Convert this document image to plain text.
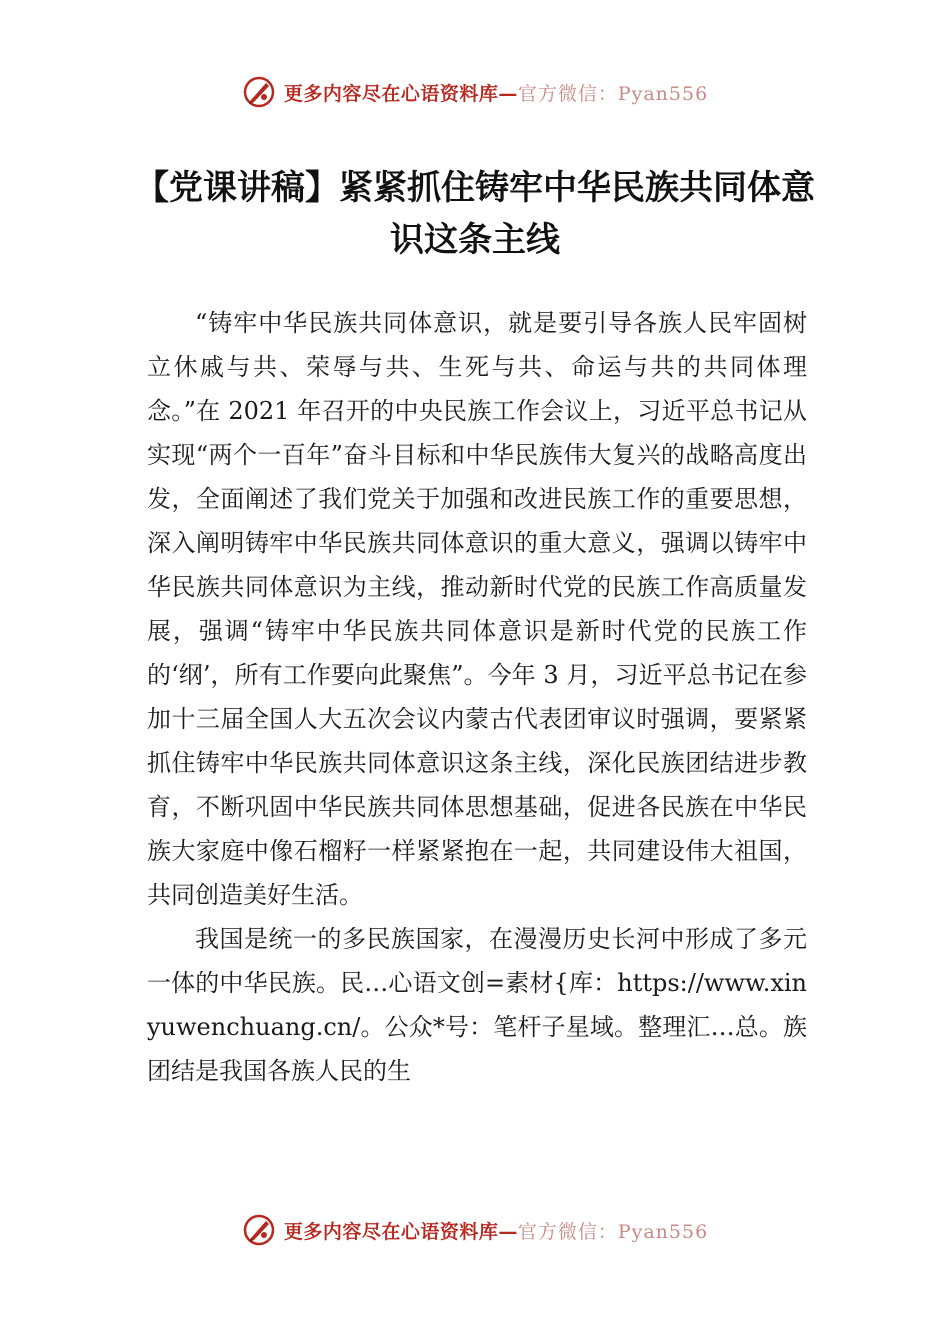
更多内容尽在心语资料库— 官方微信：Pyan556
【党课讲稿】紧紧抓住铸牢中华民族共同体意识这条主线

“铸牢中华民族共同体意识，就是要引导各族人民牢固树立休戚与共、荣辱与共、生死与共、命运与共的共同体理念。”在 2021 年召开的中央民族工作会议上，习近平总书记从实现“两个一百年”奋斗目标和中华民族伟大复兴的战略高度出发，全面阐述了我们党关于加强和改进民族工作的重要思想，深入阐明铸牢中华民族共同体意识的重大意义，强调以铸牢中华民族共同体意识为主线，推动新时代党的民族工作高质量发展，强调“铸牢中华民族共同体意识是新时代党的民族工作的‘纲’，所有工作要向此聚焦”。今年 3 月，习近平总书记在参加十三届全国人大五次会议内蒙古代表团审议时强调，要紧紧抓住铸牢中华民族共同体意识这条主线，深化民族团结进步教育，不断巩固中华民族共同体思想基础，促进各民族在中华民族大家庭中像石榴籽一样紧紧抱在一起，共同建设伟大祖国，共同创造美好生活。

我国是统一的多民族国家，在漫漫历史长河中形成了多元一体的中华民族。民…心语文创=素材{库：https://www.xinyuwenchuang.cn/。公众*号：笔杆子星域。整理汇…总。族团结是我国各族人民的生

更多内容尽在心语资料库— 官方微信：Pyan556
